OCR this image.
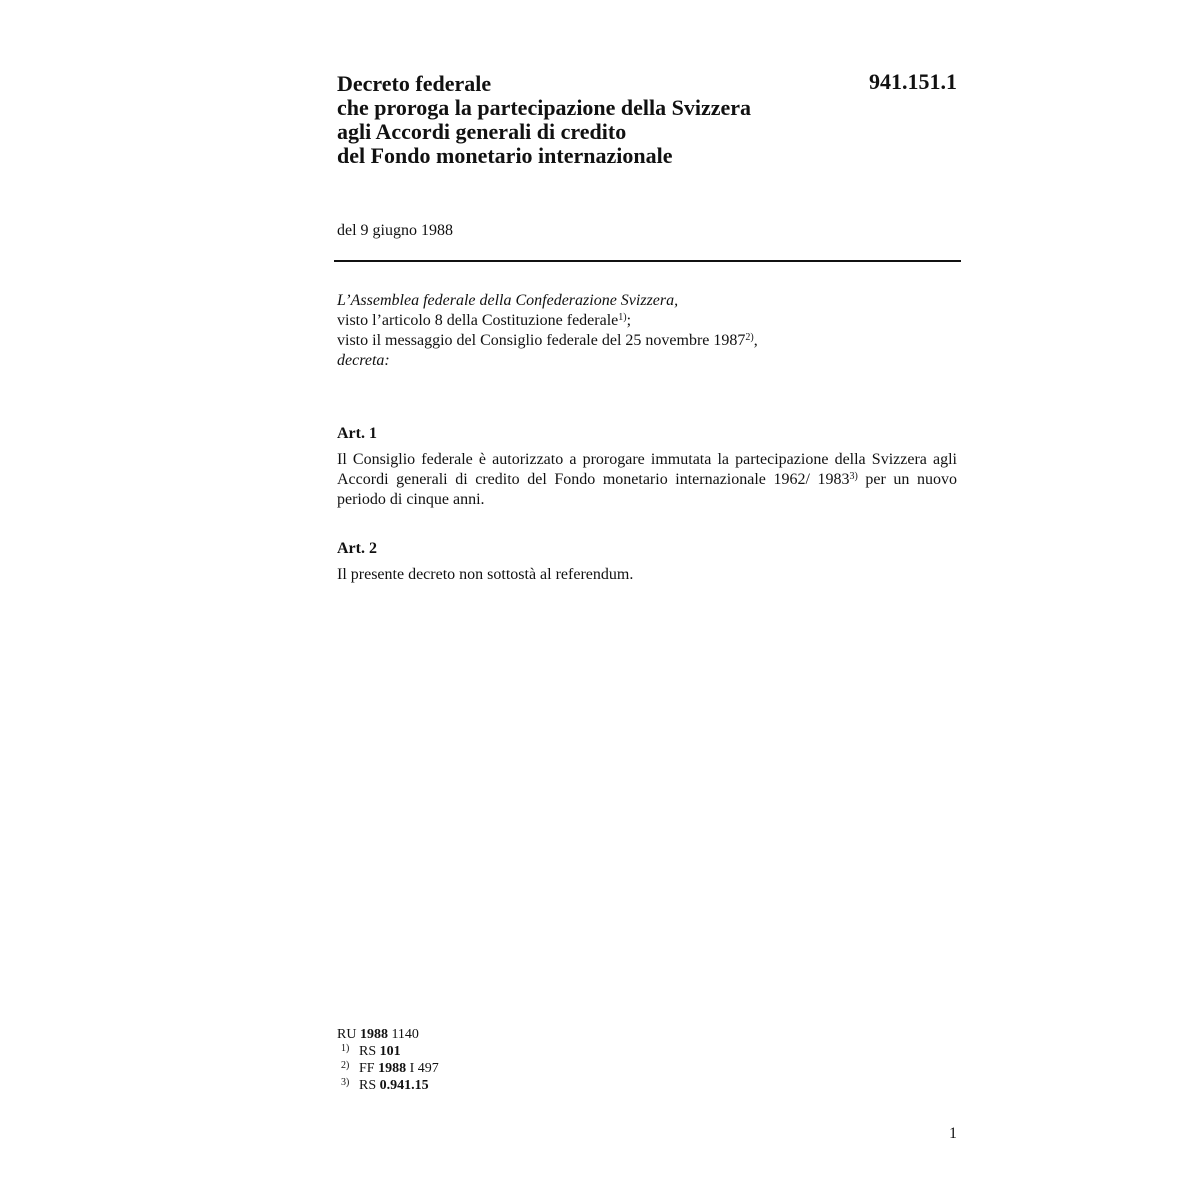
Decreto federale
che proroga la partecipazione della Svizzera
agli Accordi generali di credito
del Fondo monetario internazionale
941.151.1
del 9 giugno 1988
L’Assemblea federale della Confederazione Svizzera,
visto l’articolo 8 della Costituzione federale$^{1)}$;
visto il messaggio del Consiglio federale del 25 novembre 1987$^{2)}$,
decreta:

Art. 1

Il Consiglio federale è autorizzato a prorogare immutata la partecipazione della Svizzera agli Accordi generali di credito del Fondo monetario internazionale 1962/ 1983$^{3)}$ per un nuovo periodo di cinque anni.

Art. 2

Il presente decreto non sottostà al referendum.

RU 1988 1140
1) RS 101
2) FF 1988 I 497
3) RS 0.941.15
1
